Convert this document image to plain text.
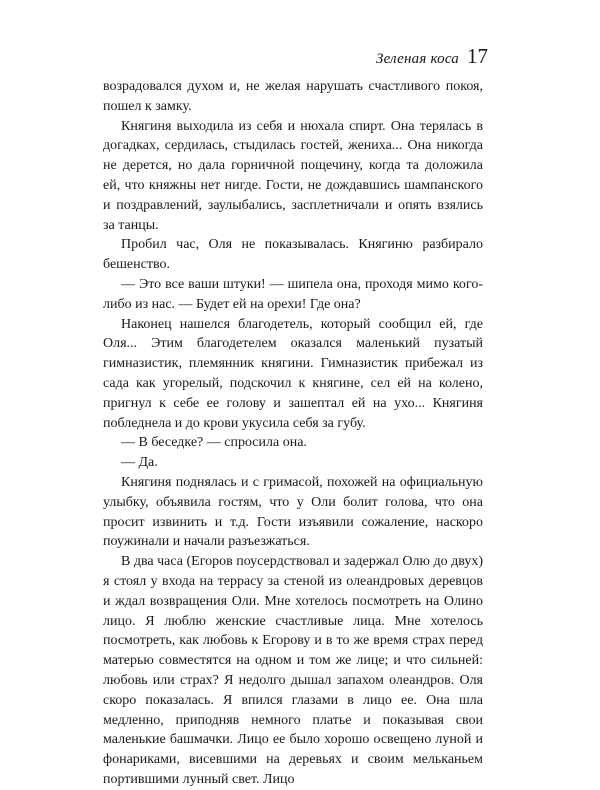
Зеленая коса 17

возрадовался духом и, не желая нарушать счастливого покоя, пошел к замку.

Княгиня выходила из себя и нюхала спирт. Она терялась в догадках, сердилась, стыдилась гостей, жениха... Она никогда не дерется, но дала горничной пощечину, когда та доложила ей, что княжны нет нигде. Гости, не дождавшись шампанского и поздравлений, заулыбались, засплетничали и опять взялись за танцы.

Пробил час, Оля не показывалась. Княгиню разбирало бешенство.

— Это все ваши штуки! — шипела она, проходя мимо кого-либо из нас. — Будет ей на орехи! Где она?

Наконец нашелся благодетель, который сообщил ей, где Оля... Этим благодетелем оказался маленький пузатый гимназистик, племянник княгини. Гимназистик прибежал из сада как угорелый, подскочил к княгине, сел ей на колено, пригнул к себе ее голову и зашептал ей на ухо... Княгиня побледнела и до крови укусила себя за губу.

— В беседке? — спросила она.

— Да.

Княгиня поднялась и с гримасой, похожей на официальную улыбку, объявила гостям, что у Оли болит голова, что она просит извинить и т.д. Гости изъявили сожаление, наскоро поужинали и начали разъезжаться.

В два часа (Егоров поусердствовал и задержал Олю до двух) я стоял у входа на террасу за стеной из олеандровых деревцов и ждал возвращения Оли. Мне хотелось посмотреть на Олино лицо. Я люблю женские счастливые лица. Мне хотелось посмотреть, как любовь к Егорову и в то же время страх перед матерью совместятся на одном и том же лице; и что сильней: любовь или страх? Я недолго дышал запахом олеандров. Оля скоро показалась. Я впился глазами в лицо ее. Она шла медленно, приподняв немного платье и показывая свои маленькие башмачки. Лицо ее было хорошо освещено луной и фонариками, висевшими на деревьях и своим мельканьем портившими лунный свет. Лицо
